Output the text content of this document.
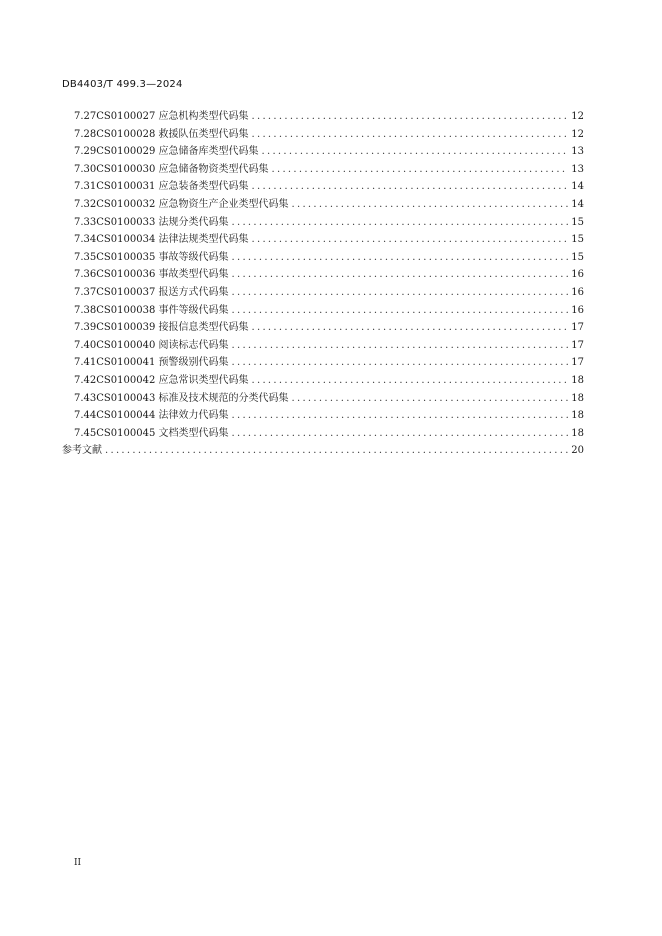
DB4403/T 499.3—2024
7.27 CS0100027 应急机构类型代码集 .....	12
7.28 CS0100028 救援队伍类型代码集 .....	12
7.29 CS0100029 应急储备库类型代码集 .....	13
7.30 CS0100030 应急储备物资类型代码集 .....	13
7.31 CS0100031 应急装备类型代码集 .....	14
7.32 CS0100032 应急物资生产企业类型代码集 .....	14
7.33 CS0100033 法规分类代码集 .....	15
7.34 CS0100034 法律法规类型代码集 .....	15
7.35 CS0100035 事故等级代码集 .....	15
7.36 CS0100036 事故类型代码集 .....	16
7.37 CS0100037 报送方式代码集 .....	16
7.38 CS0100038 事件等级代码集 .....	16
7.39 CS0100039 接报信息类型代码集 .....	17
7.40 CS0100040 阅读标志代码集 .....	17
7.41 CS0100041 预警级别代码集 .....	17
7.42 CS0100042 应急常识类型代码集 .....	18
7.43 CS0100043 标准及技术规范的分类代码集 .....	18
7.44 CS0100044 法律效力代码集 .....	18
7.45 CS0100045 文档类型代码集 .....	18
参考文献 .....	20
II
